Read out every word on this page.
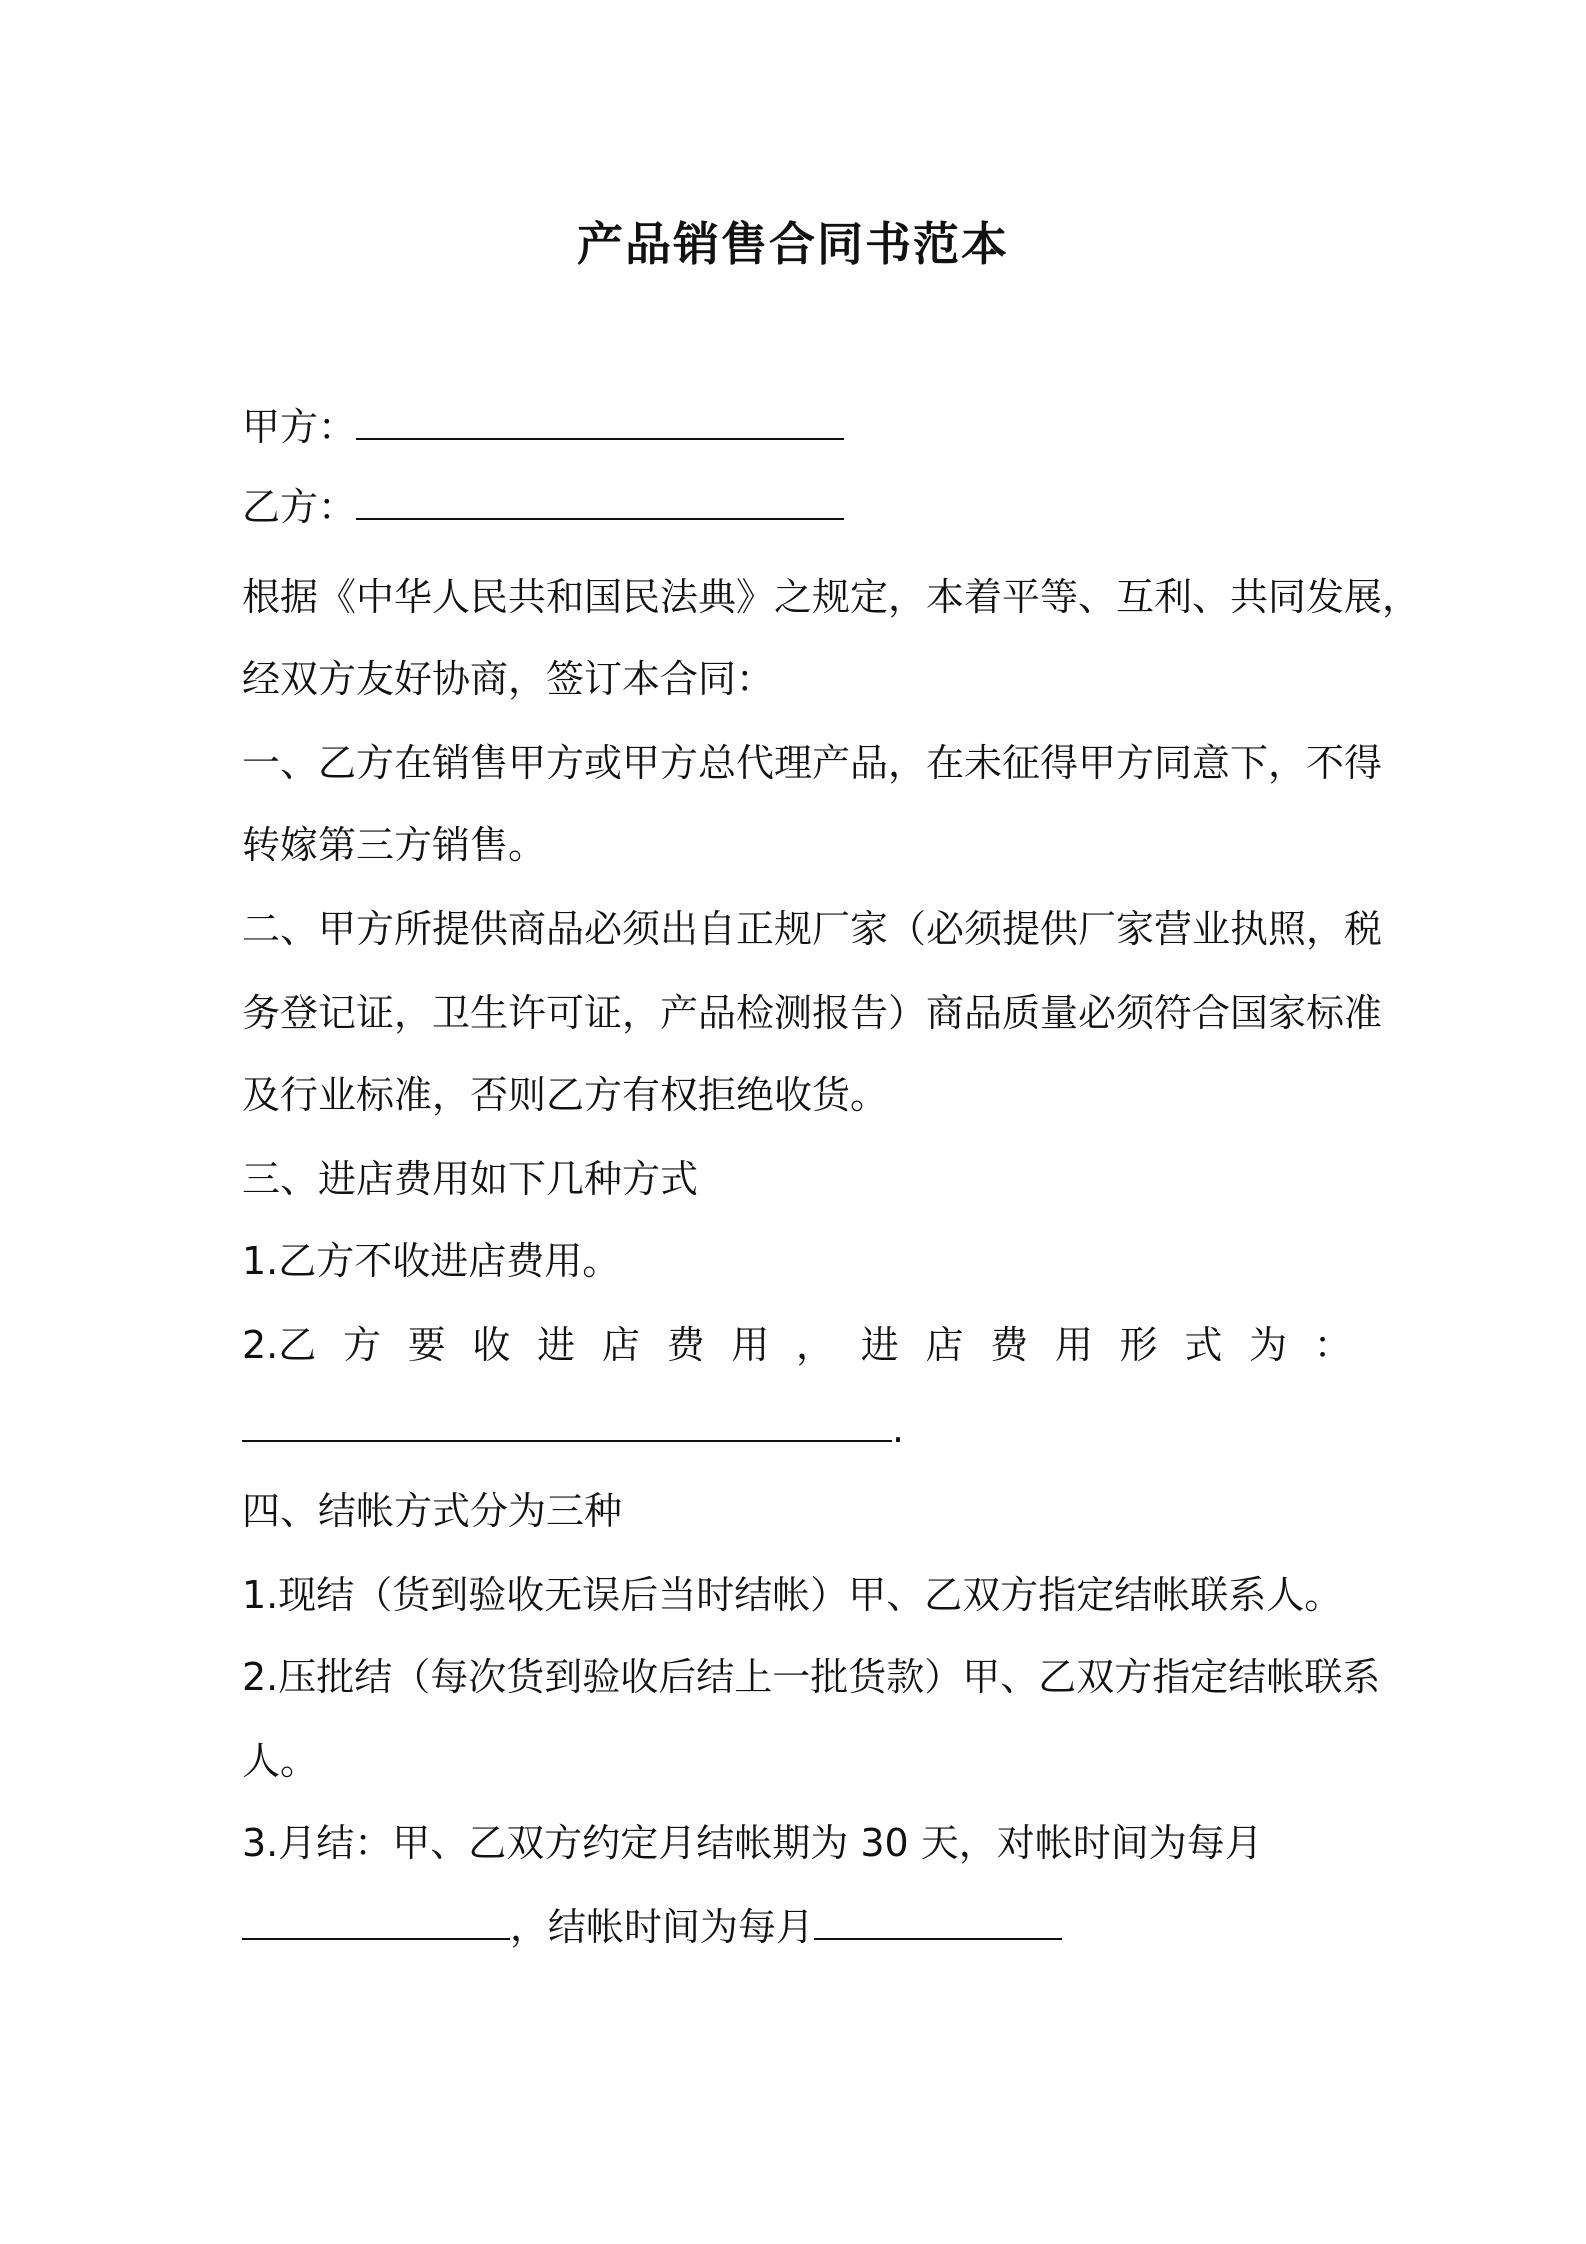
产品销售合同书范本
甲方：
乙方：
根据《中华人民共和国民法典》之规定，本着平等、互利、共同发展，
经双方友好协商，签订本合同：
一、乙方在销售甲方或甲方总代理产品，在未征得甲方同意下，不得
转嫁第三方销售。
二、甲方所提供商品必须出自正规厂家（必须提供厂家营业执照，税
务登记证，卫生许可证，产品检测报告）商品质量必须符合国家标准
及行业标准，否则乙方有权拒绝收货。
三、进店费用如下几种方式
1.乙方不收进店费用。
2.乙 方 要 收 进 店 费 用 ， 进 店 费 用 形 式 为 ：
.
四、结帐方式分为三种
1.现结（货到验收无误后当时结帐）甲、乙双方指定结帐联系人。
2.压批结（每次货到验收后结上一批货款）甲、乙双方指定结帐联系
人。
3.月结：甲、乙双方约定月结帐期为 30 天，对帐时间为每月
，结帐时间为每月
